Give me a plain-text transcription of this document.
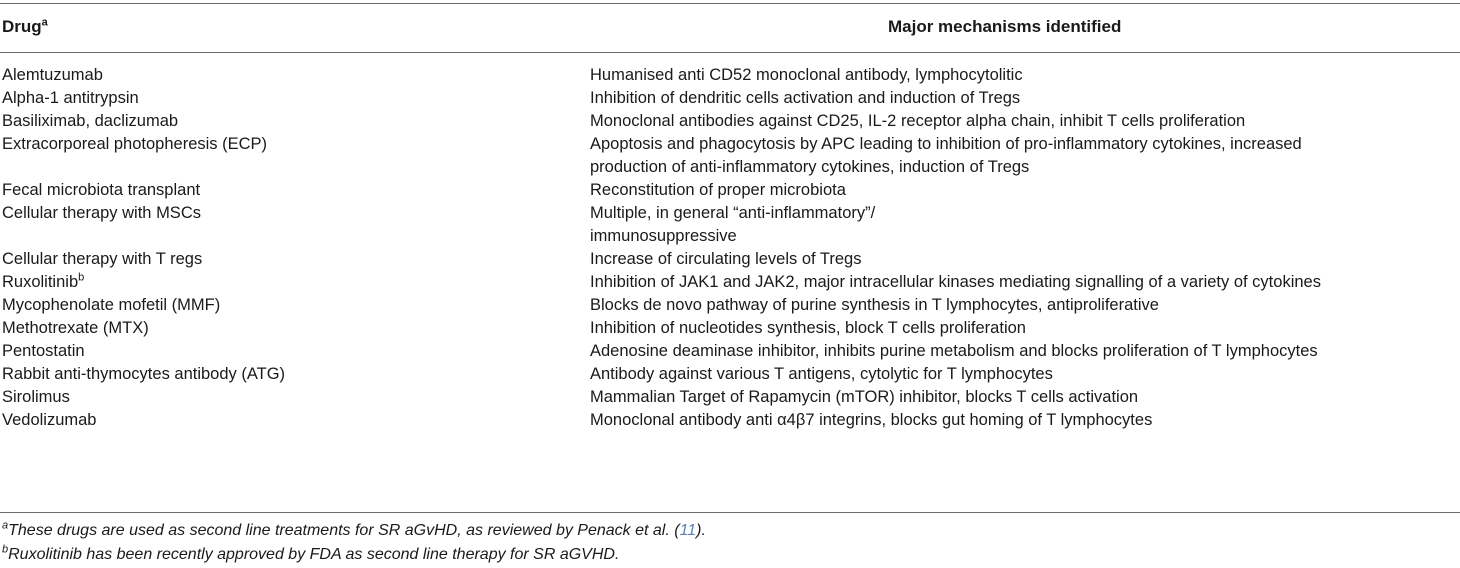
Drug$^a$	Major mechanisms identified
Alemtuzumab	Humanised anti CD52 monoclonal antibody, lymphocytolitic
Alpha-1 antitrypsin	Inhibition of dendritic cells activation and induction of Tregs
Basiliximab, daclizumab	Monoclonal antibodies against CD25, IL-2 receptor alpha chain, inhibit T cells proliferation
Extracorporeal photopheresis (ECP)	Apoptosis and phagocytosis by APC leading to inhibition of pro-inflammatory cytokines, increased
production of anti-inflammatory cytokines, induction of Tregs
Fecal microbiota transplant	Reconstitution of proper microbiota
Cellular therapy with MSCs	Multiple, in general “anti-inflammatory”/
immunosuppressive
Cellular therapy with T regs	Increase of circulating levels of Tregs
Ruxolitinib$^b$	Inhibition of JAK1 and JAK2, major intracellular kinases mediating signalling of a variety of cytokines
Mycophenolate mofetil (MMF)	Blocks de novo pathway of purine synthesis in T lymphocytes, antiproliferative
Methotrexate (MTX)	Inhibition of nucleotides synthesis, block T cells proliferation
Pentostatin	Adenosine deaminase inhibitor, inhibits purine metabolism and blocks proliferation of T lymphocytes
Rabbit anti-thymocytes antibody (ATG)	Antibody against various T antigens, cytolytic for T lymphocytes
Sirolimus	Mammalian Target of Rapamycin (mTOR) inhibitor, blocks T cells activation
Vedolizumab	Monoclonal antibody anti α4β7 integrins, blocks gut homing of T lymphocytes
$^a$These drugs are used as second line treatments for SR aGvHD, as reviewed by Penack et al. (11).
$^b$Ruxolitinib has been recently approved by FDA as second line therapy for SR aGVHD.
